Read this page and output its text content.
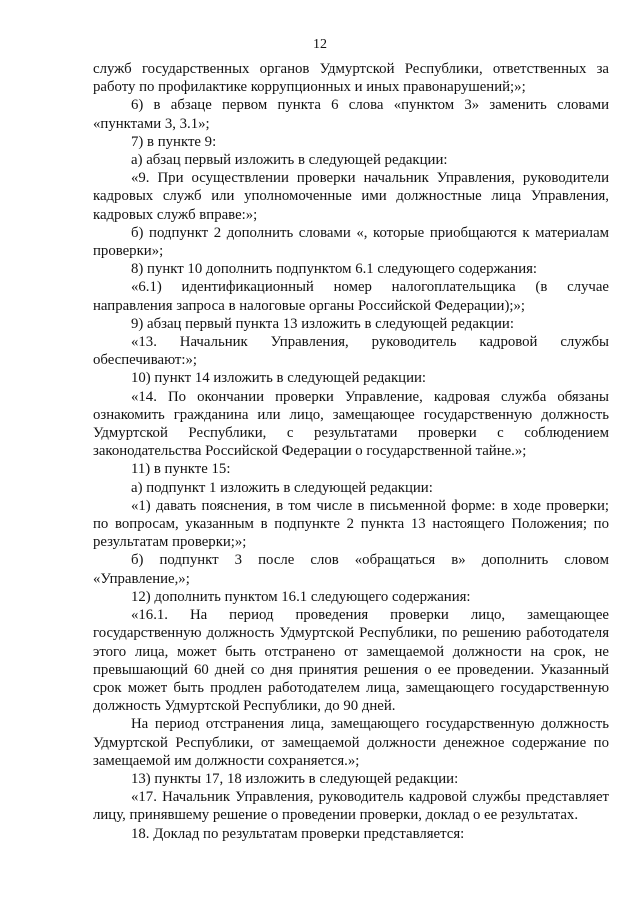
12

служб государственных органов Удмуртской Республики, ответственных за работу по профилактике коррупционных и иных правонарушений;»;

6) в абзаце первом пункта 6 слова «пунктом 3» заменить словами «пунктами 3, 3.1»;

7) в пункте 9:

а) абзац первый изложить в следующей редакции:

«9. При осуществлении проверки начальник Управления, руководители кадровых служб или уполномоченные ими должностные лица Управления, кадровых служб вправе:»;

б) подпункт 2 дополнить словами «, которые приобщаются к материалам проверки»;

8) пункт 10 дополнить подпунктом 6.1 следующего содержания:

«6.1) идентификационный номер налогоплательщика (в случае направления запроса в налоговые органы Российской Федерации);»;

9) абзац первый пункта 13 изложить в следующей редакции:

«13. Начальник Управления, руководитель кадровой службы обеспечивают:»;

10) пункт 14 изложить в следующей редакции:

«14. По окончании проверки Управление, кадровая служба обязаны ознакомить гражданина или лицо, замещающее государственную должность Удмуртской Республики, с результатами проверки с соблюдением законодательства Российской Федерации о государственной тайне.»;

11) в пункте 15:

а) подпункт 1 изложить в следующей редакции:

«1) давать пояснения, в том числе в письменной форме: в ходе проверки; по вопросам, указанным в подпункте 2 пункта 13 настоящего Положения; по результатам проверки;»;

б) подпункт 3 после слов «обращаться в» дополнить словом «Управление,»;

12) дополнить пунктом 16.1 следующего содержания:

«16.1. На период проведения проверки лицо, замещающее государственную должность Удмуртской Республики, по решению работодателя этого лица, может быть отстранено от замещаемой должности на срок, не превышающий 60 дней со дня принятия решения о ее проведении. Указанный срок может быть продлен работодателем лица, замещающего государственную должность Удмуртской Республики, до 90 дней.

На период отстранения лица, замещающего государственную должность Удмуртской Республики, от замещаемой должности денежное содержание по замещаемой им должности сохраняется.»;

13) пункты 17, 18 изложить в следующей редакции:

«17. Начальник Управления, руководитель кадровой службы представляет лицу, принявшему решение о проведении проверки, доклад о ее результатах.

18. Доклад по результатам проверки представляется:
